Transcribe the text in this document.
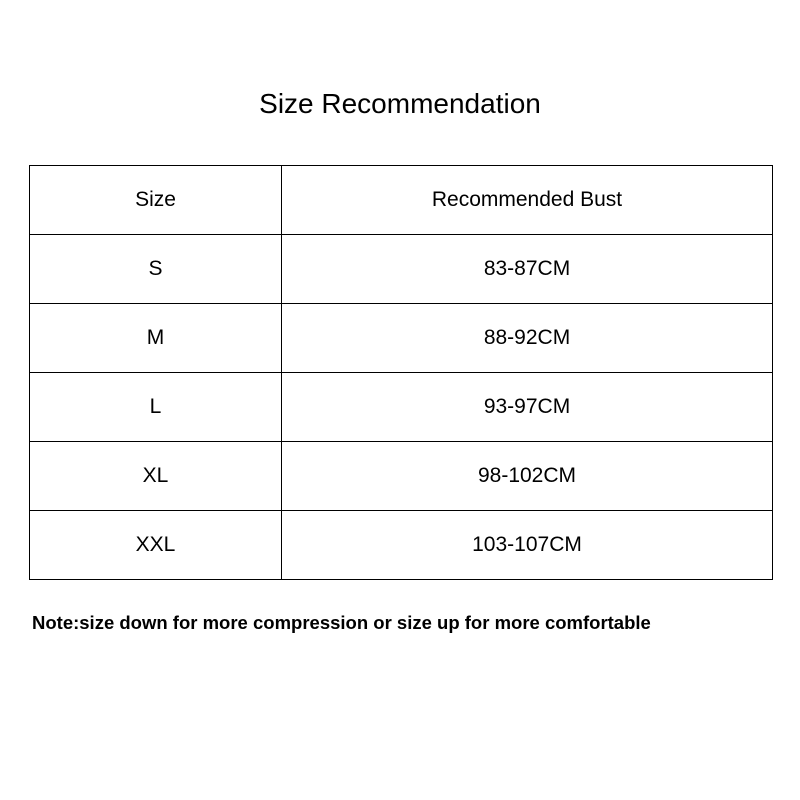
Size Recommendation
Size	Recommended Bust
S	83-87CM
M	88-92CM
L	93-97CM
XL	98-102CM
XXL	103-107CM
Note:size down for more compression or size up for more comfortable
